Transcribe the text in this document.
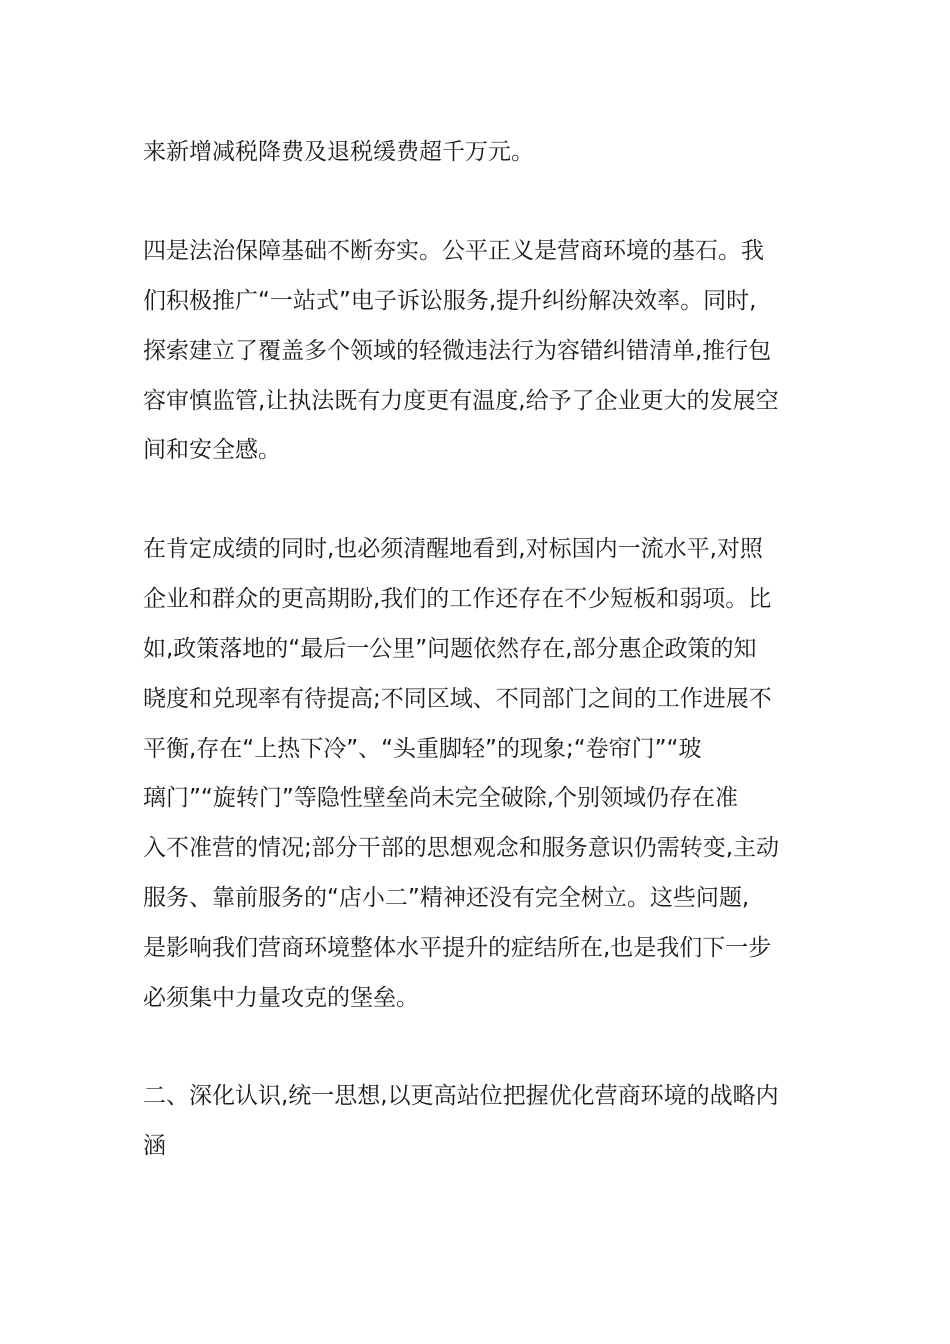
来新增减税降费及退税缓费超千万元。

四是法治保障基础不断夯实。公平正义是营商环境的基石。我

们积极推广“一站式”电子诉讼服务,提升纠纷解决效率。同时,

探索建立了覆盖多个领域的轻微违法行为容错纠错清单,推行包

容审慎监管,让执法既有力度更有温度,给予了企业更大的发展空

间和安全感。

在肯定成绩的同时,也必须清醒地看到,对标国内一流水平,对照

企业和群众的更高期盼,我们的工作还存在不少短板和弱项。比

如,政策落地的“最后一公里”问题依然存在,部分惠企政策的知

晓度和兑现率有待提高;不同区域、不同部门之间的工作进展不

平衡,存在“上热下冷”、“头重脚轻”的现象;“卷帘门”“玻

璃门”“旋转门”等隐性壁垒尚未完全破除,个别领域仍存在准

入不准营的情况;部分干部的思想观念和服务意识仍需转变,主动

服务、靠前服务的“店小二”精神还没有完全树立。这些问题,

是影响我们营商环境整体水平提升的症结所在,也是我们下一步

必须集中力量攻克的堡垒。

二、深化认识,统一思想,以更高站位把握优化营商环境的战略内

涵
